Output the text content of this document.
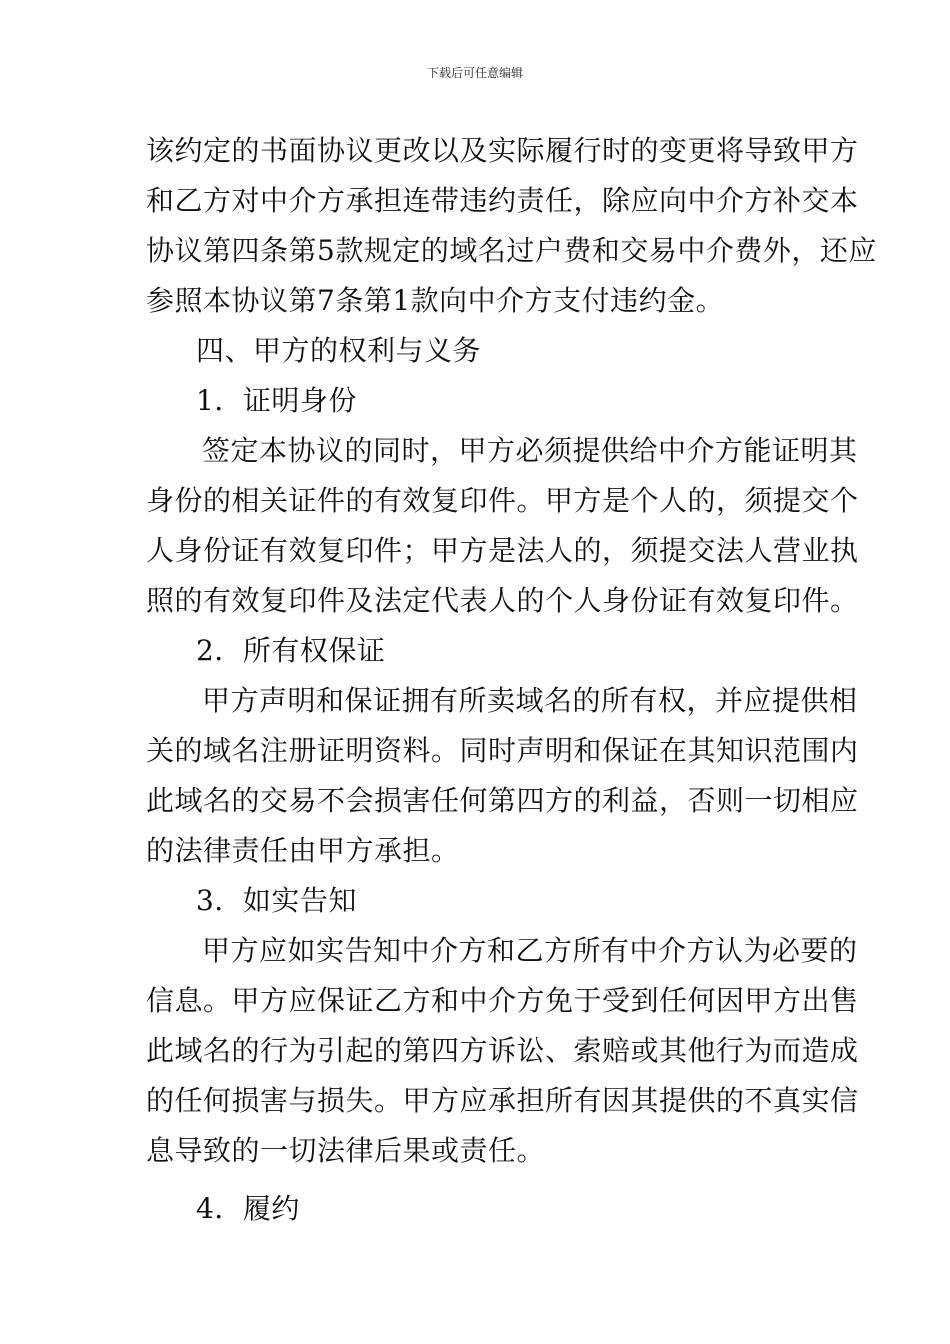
下载后可任意编辑
该约定的书面协议更改以及实际履行时的变更将导致甲方
和乙方对中介方承担连带违约责任，除应向中介方补交本
协议第四条第5款规定的域名过户费和交易中介费外，还应
参照本协议第7条第1款向中介方支付违约金。
四、甲方的权利与义务
1．证明身份
签定本协议的同时，甲方必须提供给中介方能证明其
身份的相关证件的有效复印件。甲方是个人的，须提交个
人身份证有效复印件；甲方是法人的，须提交法人营业执
照的有效复印件及法定代表人的个人身份证有效复印件。
2．所有权保证
甲方声明和保证拥有所卖域名的所有权，并应提供相
关的域名注册证明资料。同时声明和保证在其知识范围内
此域名的交易不会损害任何第四方的利益，否则一切相应
的法律责任由甲方承担。
3．如实告知
甲方应如实告知中介方和乙方所有中介方认为必要的
信息。甲方应保证乙方和中介方免于受到任何因甲方出售
此域名的行为引起的第四方诉讼、索赔或其他行为而造成
的任何损害与损失。甲方应承担所有因其提供的不真实信
息导致的一切法律后果或责任。
4．履约
